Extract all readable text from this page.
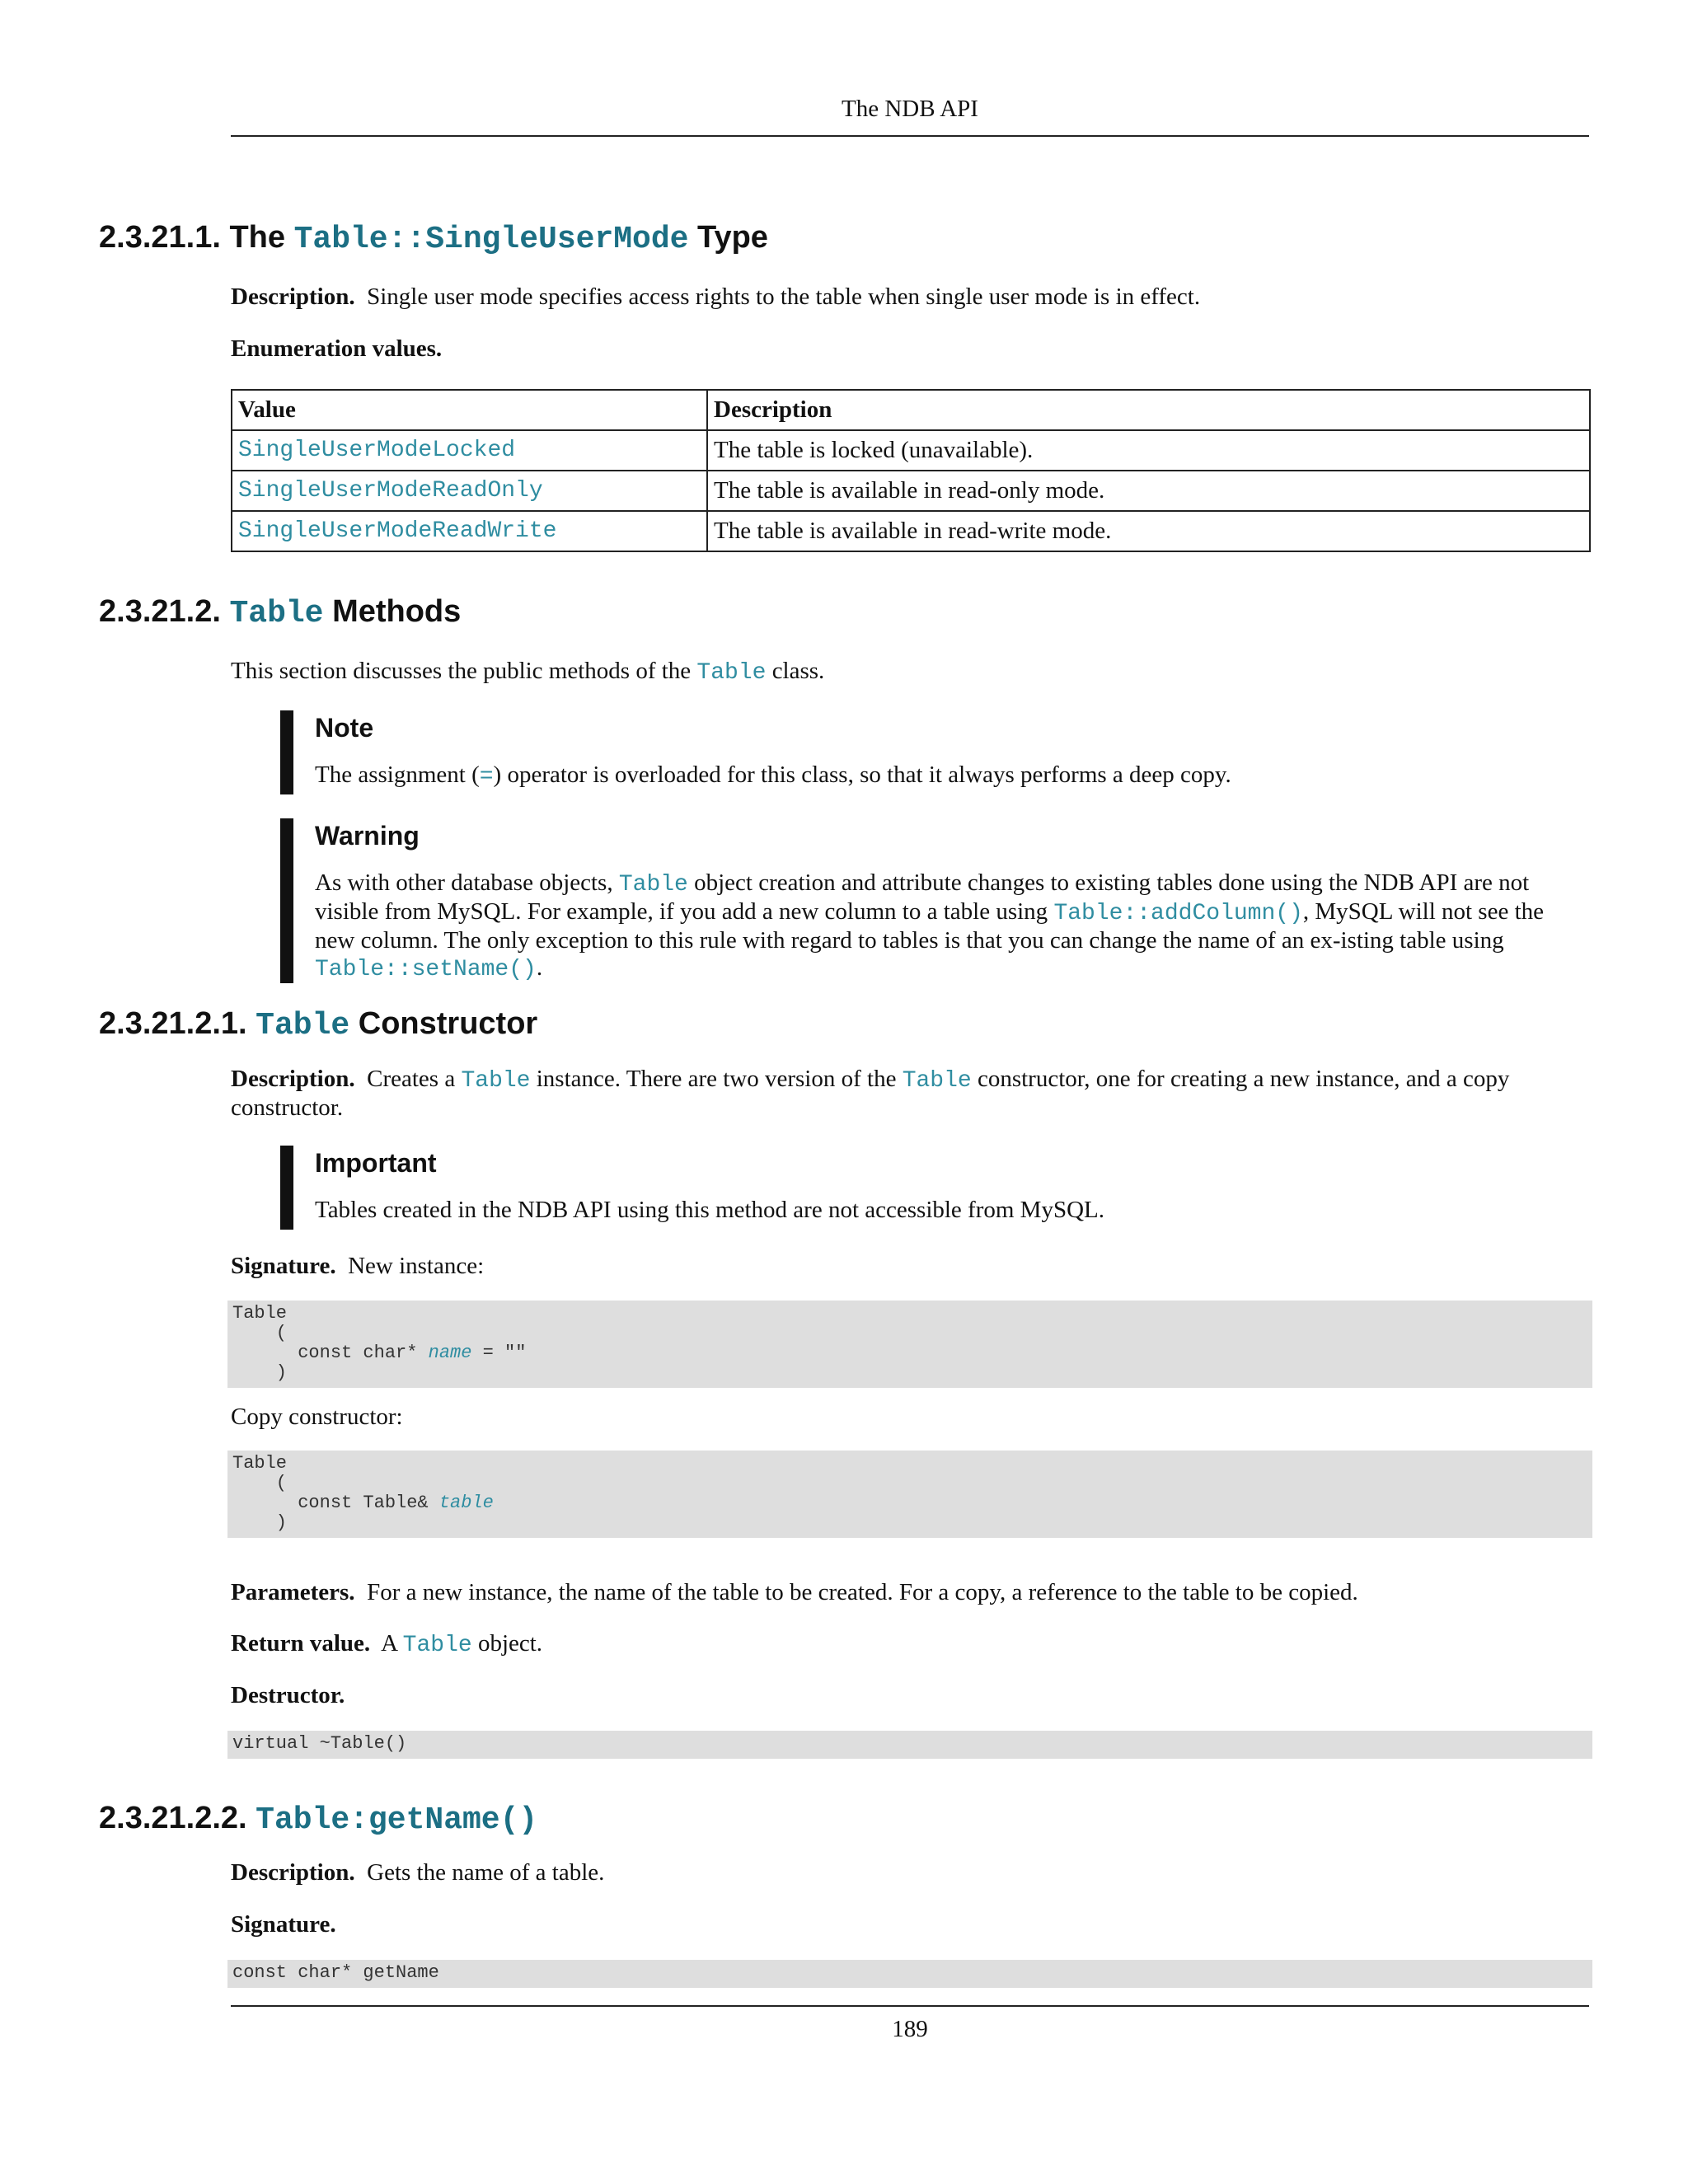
The NDB API
2.3.21.1. The Table::SingleUserMode Type

Description. Single user mode specifies access rights to the table when single user mode is in effect.

Enumeration values.

Value	Description
SingleUserModeLocked	The table is locked (unavailable).
SingleUserModeReadOnly	The table is available in read-only mode.
SingleUserModeReadWrite	The table is available in read-write mode.
2.3.21.2. Table Methods

This section discusses the public methods of the Table class.

Note
The assignment (=) operator is overloaded for this class, so that it always performs a deep copy.
Warning
As with other database objects, Table object creation and attribute changes to existing tables done using the NDB API are not visible from MySQL. For example, if you add a new column to a table using Table::addColumn(), MySQL will not see the new column. The only exception to this rule with regard to tables is that you can change the name of an ex-isting table using Table::setName().
2.3.21.2.1. Table Constructor

Description. Creates a Table instance. There are two version of the Table constructor, one for creating a new instance, and a copy constructor.

Important
Tables created in the NDB API using this method are not accessible from MySQL.

Signature. New instance:

Table
(
const char* name = ""
)

Copy constructor:

Table
(
const Table& table
)

Parameters. For a new instance, the name of the table to be created. For a copy, a reference to the table to be copied.

Return value. A Table object.

Destructor.

virtual ~Table()
2.3.21.2.2. Table:getName()

Description. Gets the name of a table.

Signature.

const char* getName
189
